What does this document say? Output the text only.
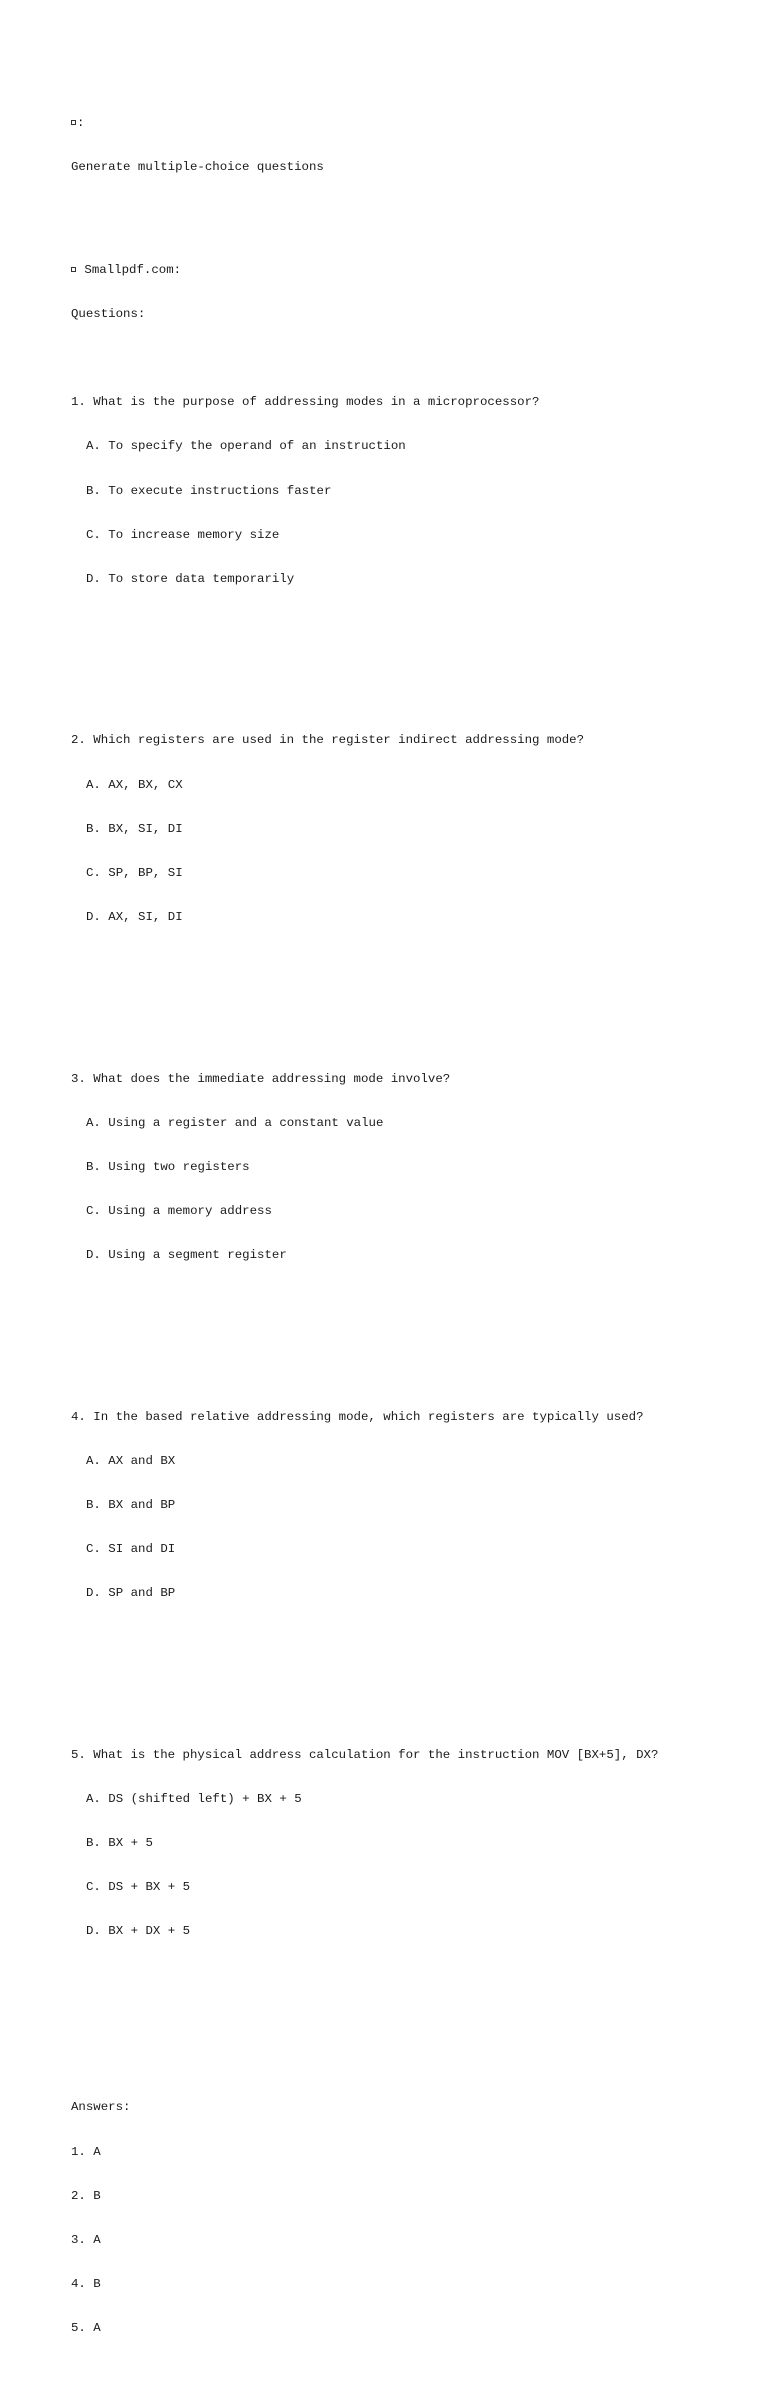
:

Generate multiple-choice questions

Smallpdf.com:

Questions:

1. What is the purpose of addressing modes in a microprocessor?

A. To specify the operand of an instruction

B. To execute instructions faster

C. To increase memory size

D. To store data temporarily

2. Which registers are used in the register indirect addressing mode?

A. AX, BX, CX

B. BX, SI, DI

C. SP, BP, SI

D. AX, SI, DI

3. What does the immediate addressing mode involve?

A. Using a register and a constant value

B. Using two registers

C. Using a memory address

D. Using a segment register

4. In the based relative addressing mode, which registers are typically used?

A. AX and BX

B. BX and BP

C. SI and DI

D. SP and BP

5. What is the physical address calculation for the instruction MOV [BX+5], DX?

A. DS (shifted left) + BX + 5

B. BX + 5

C. DS + BX + 5

D. BX + DX + 5

Answers:

1. A

2. B

3. A

4. B

5. A
